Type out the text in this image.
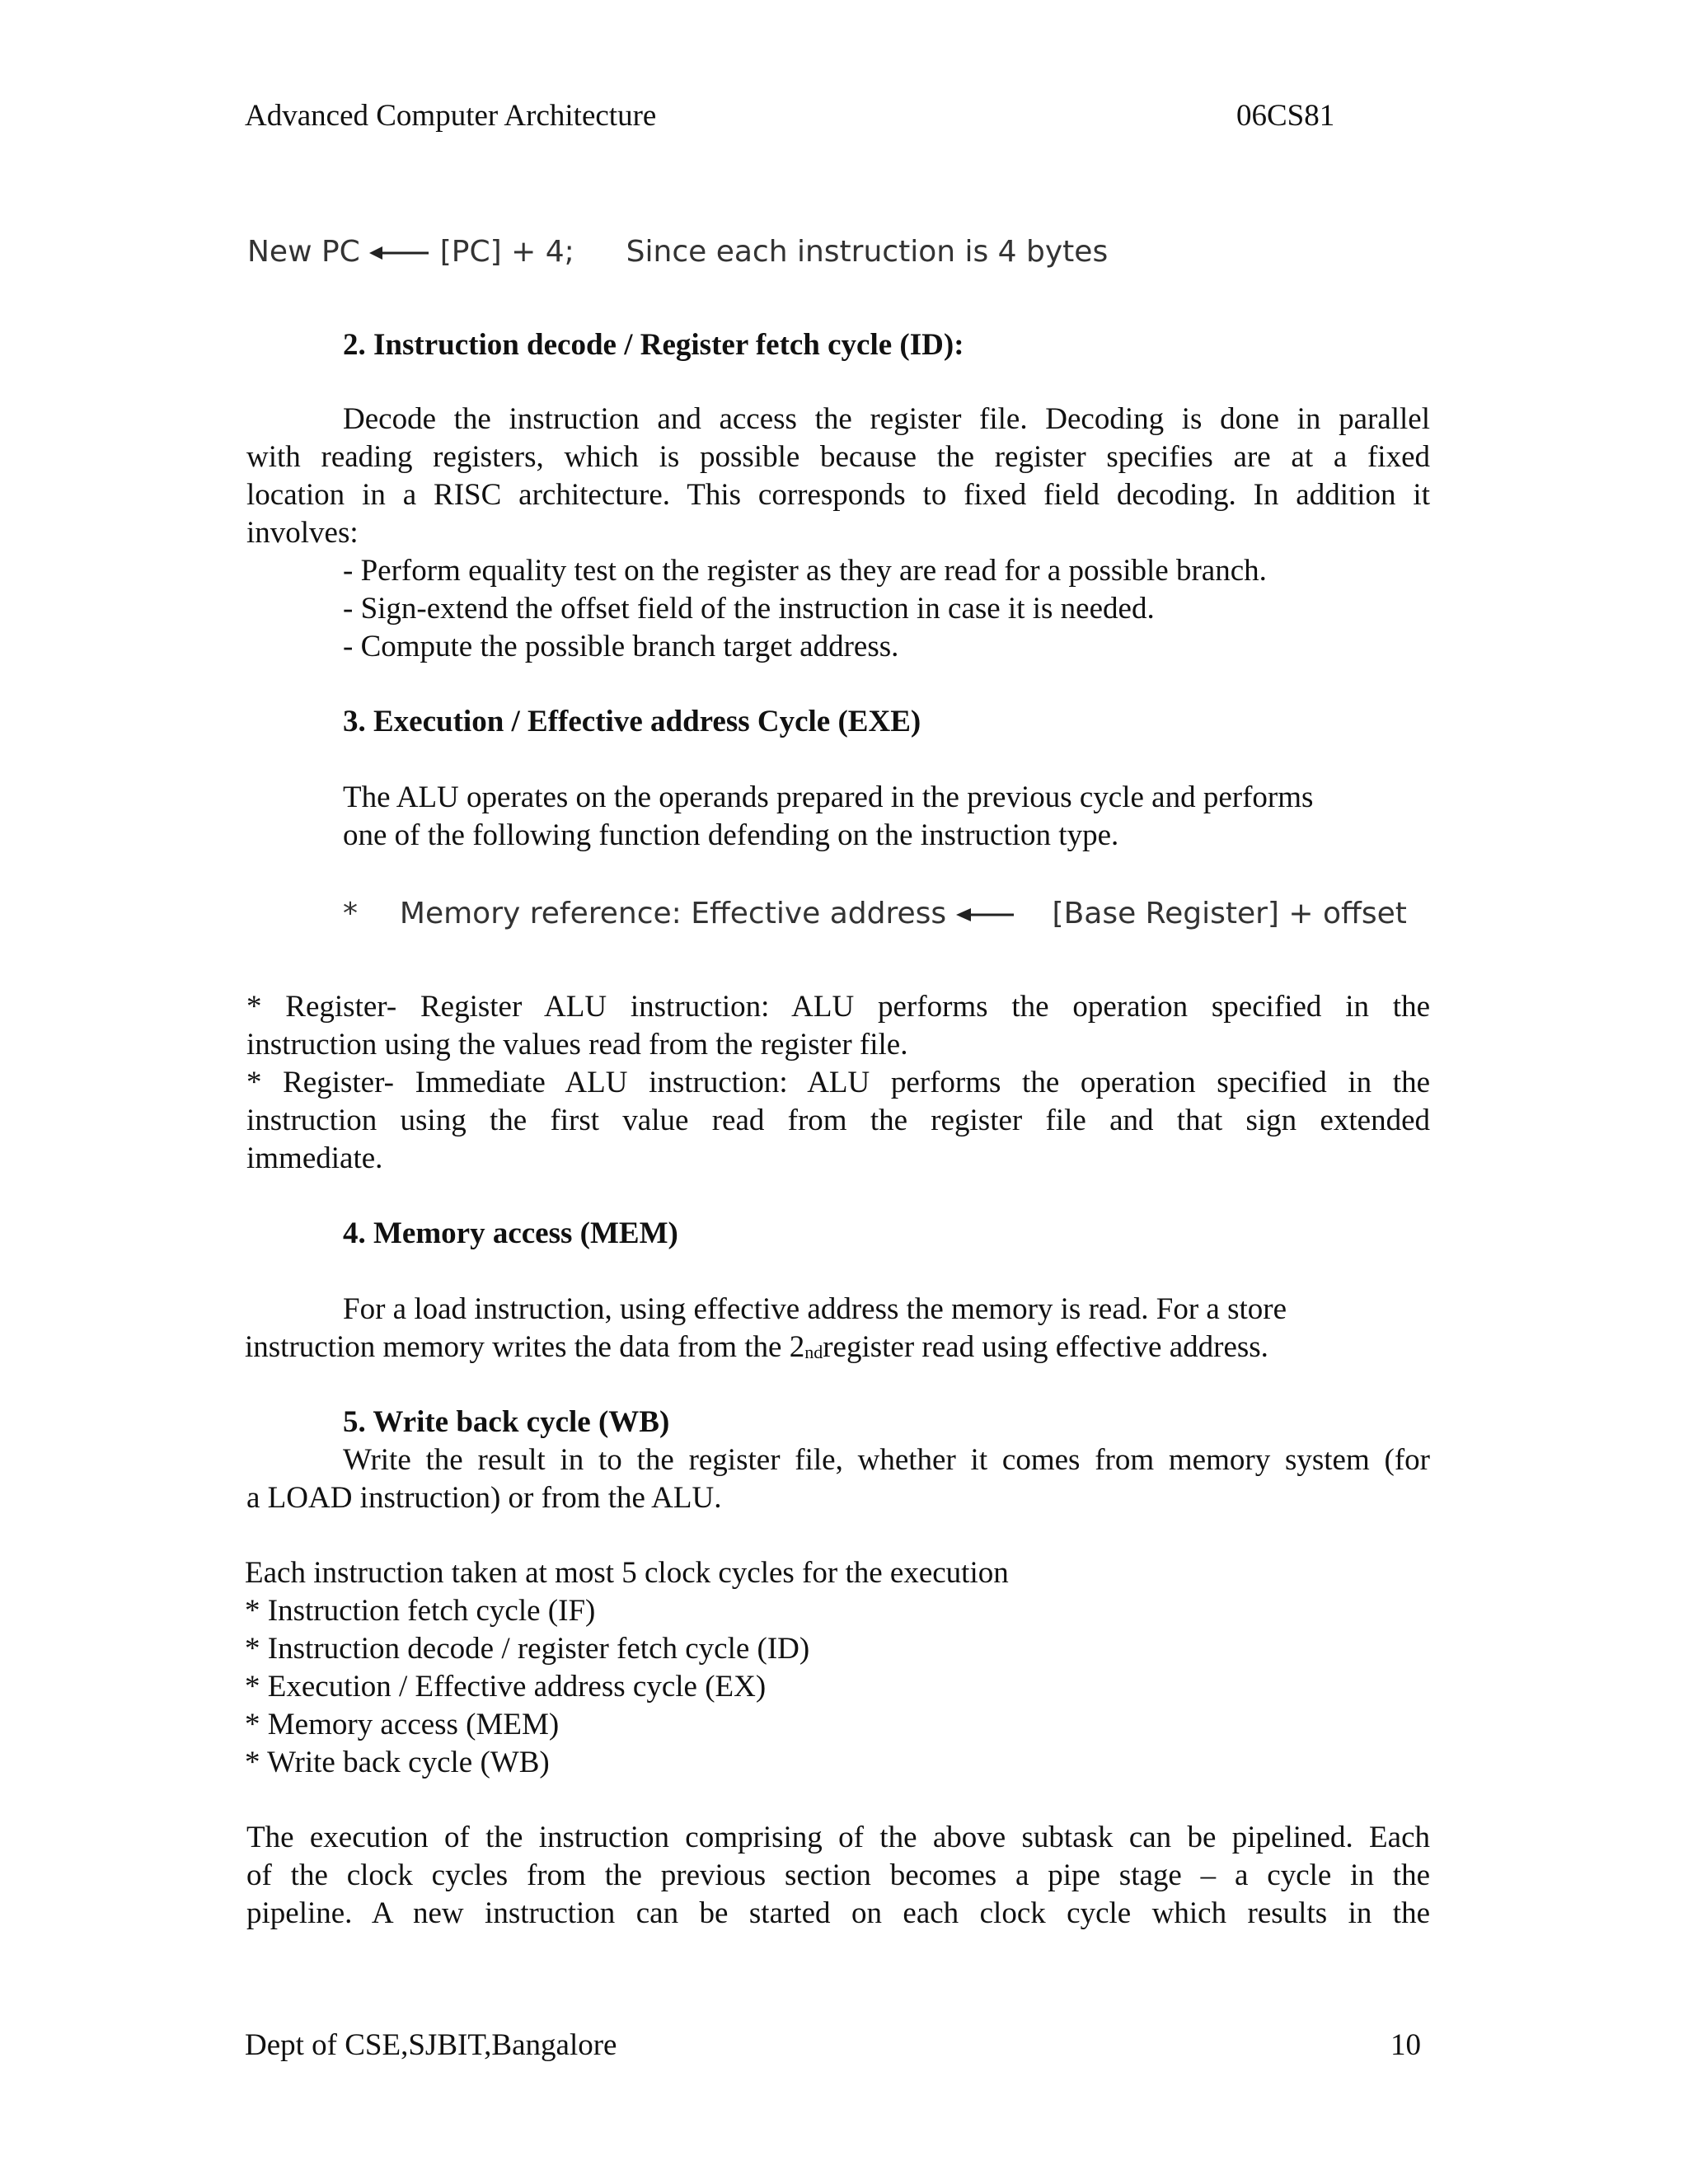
Advanced Computer Architecture	06CS81
New PC	[PC] + 4; Since each instruction is 4 bytes
2. Instruction decode / Register fetch cycle (ID):
Decode the instruction and access the register file. Decoding is done in parallel
with reading registers, which is possible because the register specifies are at a fixed
location in a RISC architecture. This corresponds to fixed field decoding. In addition it
involves:
- Perform equality test on the register as they are read for a possible branch.
- Sign-extend the offset field of the instruction in case it is needed.
- Compute the possible branch target address.
3. Execution / Effective address Cycle (EXE)
The ALU operates on the operands prepared in the previous cycle and performs
one of the following function defending on the instruction type.
* Memory reference: Effective address	[Base Register] + offset
* Register- Register ALU instruction: ALU performs the operation specified in the
instruction using the values read from the register file.
* Register- Immediate ALU instruction: ALU performs the operation specified in the
instruction using the first value read from the register file and that sign extended
immediate.
4. Memory access (MEM)
For a load instruction, using effective address the memory is read. For a store
instruction memory writes the data from the $2_{nd}register$ read using effective address.
5. Write back cycle (WB)
Write the result in to the register file, whether it comes from memory system (for
a LOAD instruction) or from the ALU.
Each instruction taken at most 5 clock cycles for the execution
* Instruction fetch cycle (IF)
* Instruction decode / register fetch cycle (ID)
* Execution / Effective address cycle (EX)
* Memory access (MEM)
* Write back cycle (WB)
The execution of the instruction comprising of the above subtask can be pipelined. Each
of the clock cycles from the previous section becomes a pipe stage – a cycle in the
pipeline. A new instruction can be started on each clock cycle which results in the
Dept of CSE,SJBIT,Bangalore	10
